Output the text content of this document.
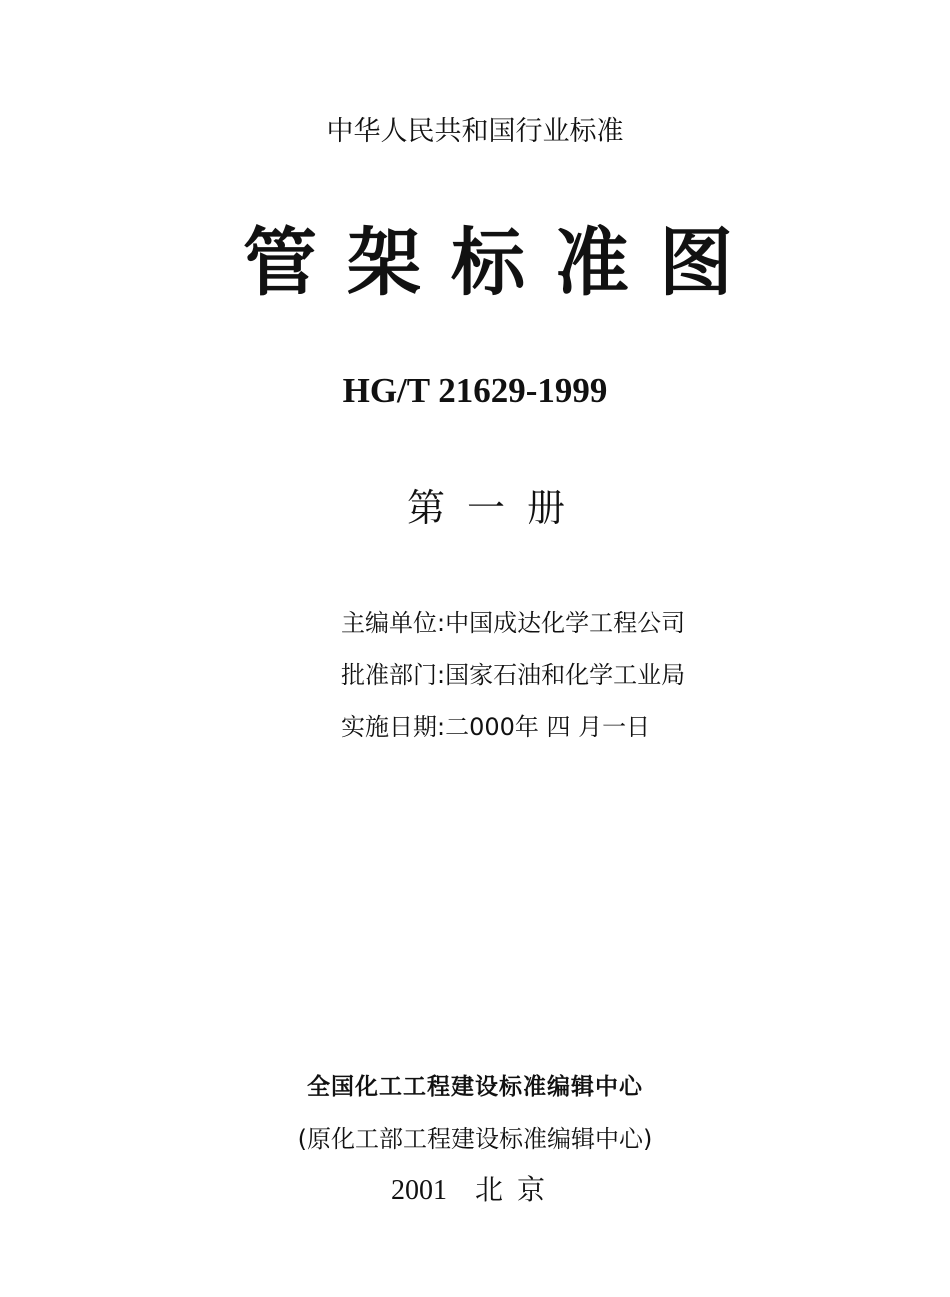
中华人民共和国行业标准
管架标准图
HG/T 21629-1999
第一册
主编单位:中国成达化学工程公司
批准部门:国家石油和化学工业局
实施日期:二000年 四 月一日
全国化工工程建设标准编辑中心
(原化工部工程建设标准编辑中心)
2001 北京
